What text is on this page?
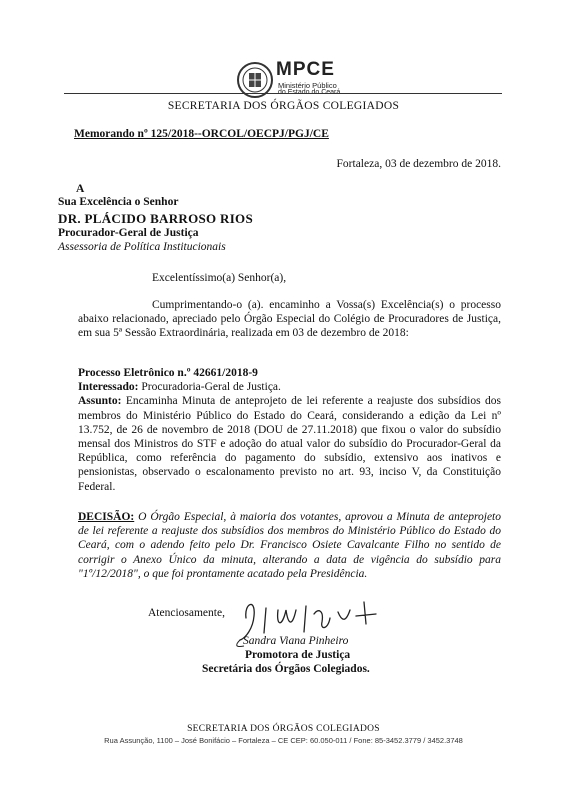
MPCE
Ministério Público
do Estado do Ceará
SECRETARIA DOS ÓRGÃOS COLEGIADOS
Memorando nº 125/2018--ORCOL/OECPJ/PGJ/CE
Fortaleza, 03 de dezembro de 2018.
A
Sua Excelência o Senhor
DR. PLÁCIDO BARROSO RIOS
Procurador-Geral de Justiça
Assessoria de Política Institucionais
Excelentíssimo(a) Senhor(a),
Cumprimentando-o (a). encaminho a Vossa(s) Excelência(s) o processo abaixo relacionado, apreciado pelo Órgão Especial do Colégio de Procuradores de Justiça, em sua 5ª Sessão Extraordinária, realizada em 03 de dezembro de 2018:
Processo Eletrônico n.º 42661/2018-9
Interessado: Procuradoria-Geral de Justiça.
Assunto: Encaminha Minuta de anteprojeto de lei referente a reajuste dos subsídios dos membros do Ministério Público do Estado do Ceará, considerando a edição da Lei nº 13.752, de 26 de novembro de 2018 (DOU de 27.11.2018) que fixou o valor do subsídio mensal dos Ministros do STF e adoção do atual valor do subsídio do Procurador-Geral da República, como referência do pagamento do subsídio, extensivo aos inativos e pensionistas, observado o escalonamento previsto no art. 93, inciso V, da Constituição Federal.
DECISÃO: O Órgão Especial, à maioria dos votantes, aprovou a Minuta de anteprojeto de lei referente a reajuste dos subsídios dos membros do Ministério Público do Estado do Ceará, com o adendo feito pelo Dr. Francisco Osiete Cavalcante Filho no sentido de corrigir o Anexo Único da minuta, alterando a data de vigência do subsídio para "1º/12/2018", o que foi prontamente acatado pela Presidência.
Atenciosamente,
Sandra Viana Pinheiro
Promotora de Justiça
Secretária dos Órgãos Colegiados.
SECRETARIA DOS ÓRGÃOS COLEGIADOS
Rua Assunção, 1100 – José Bonifácio – Fortaleza – CE CEP: 60.050-011 / Fone: 85-3452.3779 / 3452.3748
